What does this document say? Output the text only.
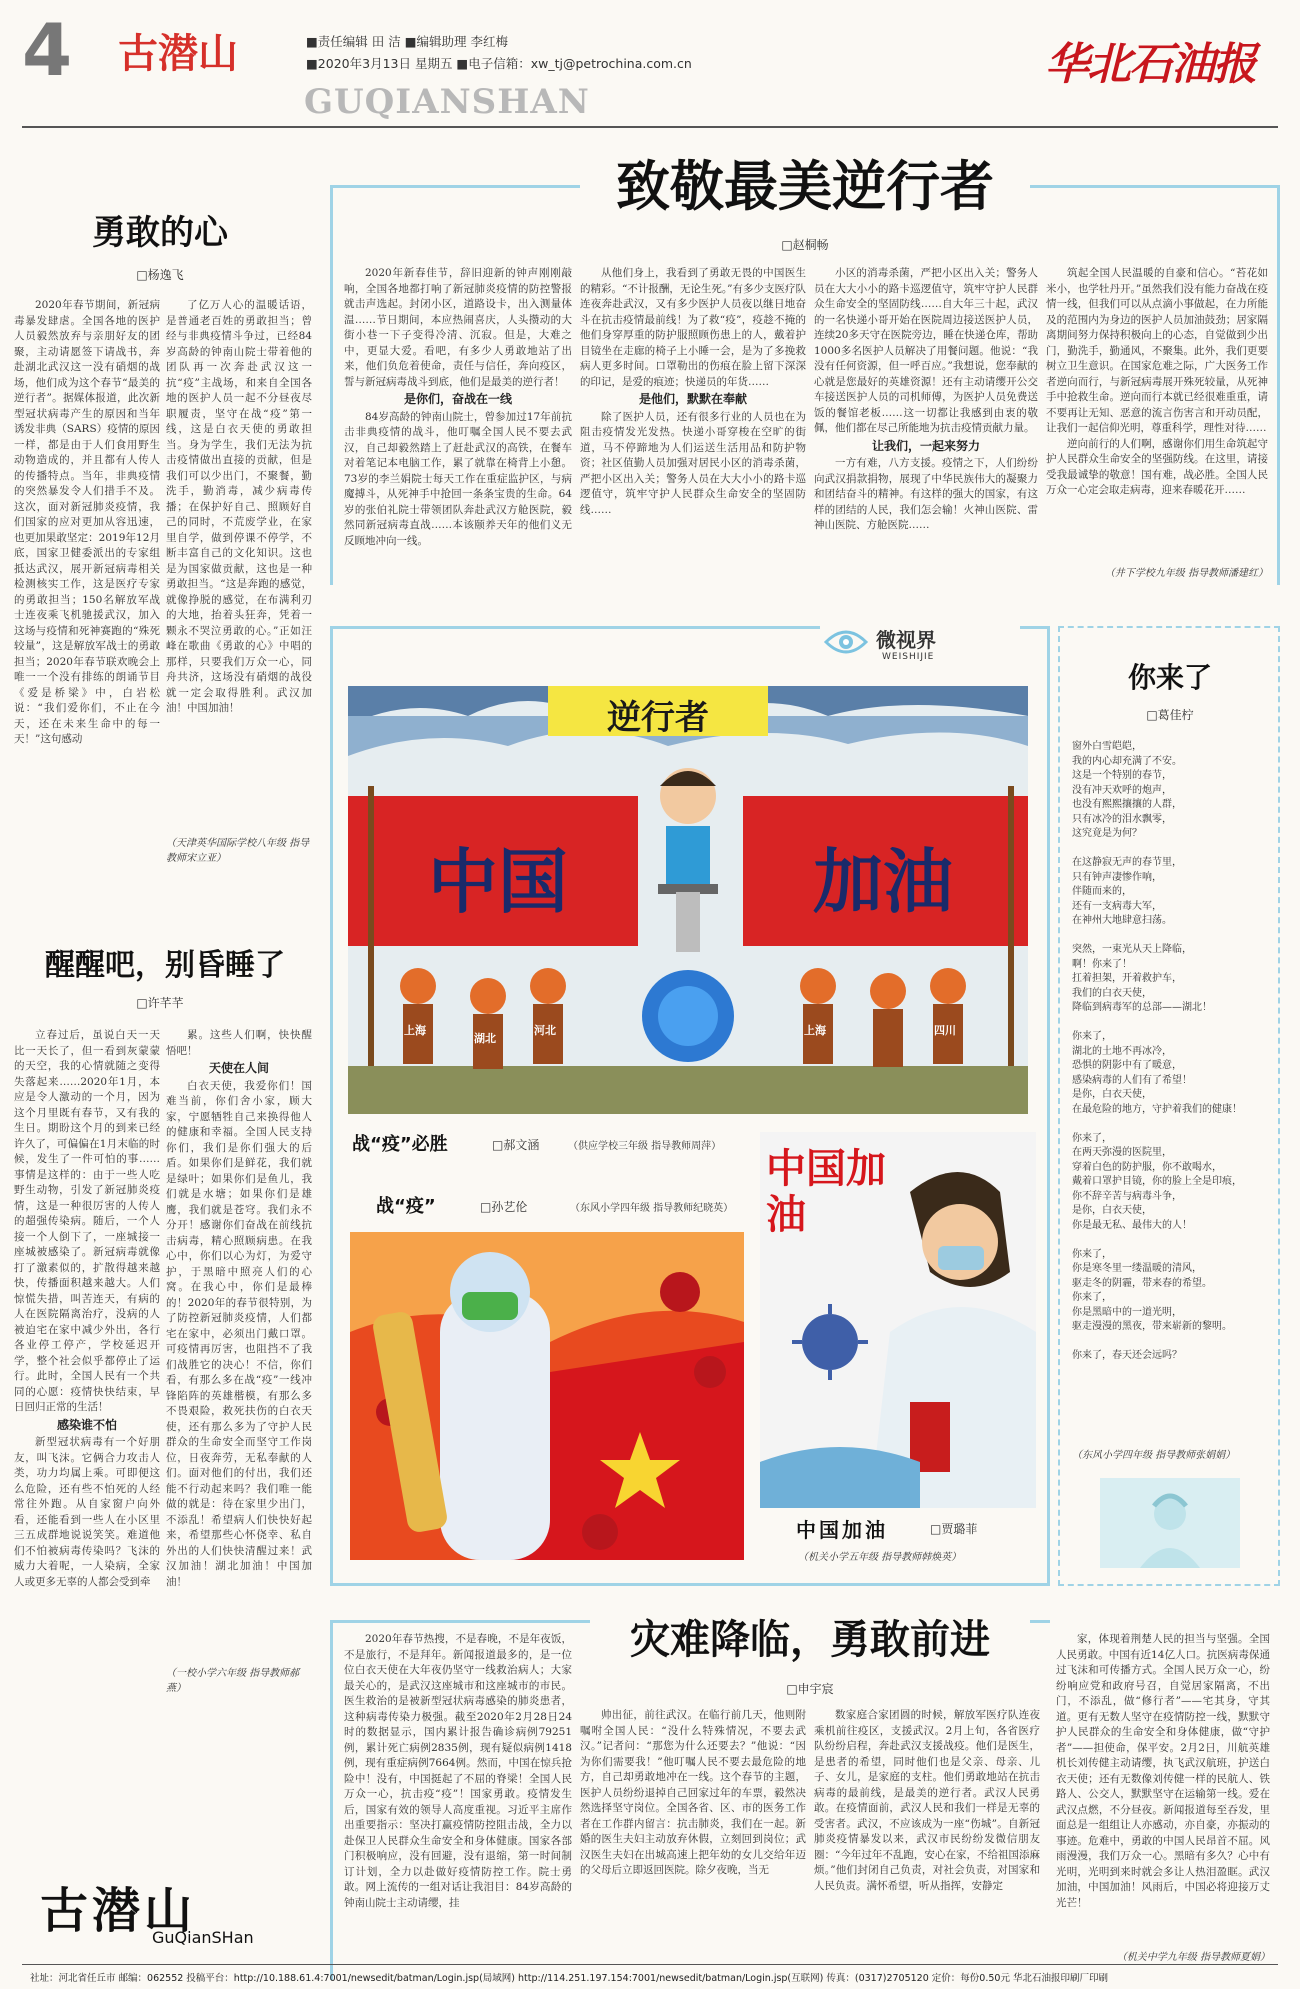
4 古潜山	■责任编辑 田 洁 ■编辑助理 李红梅
■2020年3月13日 星期五 ■电子信箱：xw_tj@petrochina.com.cn
GUQIANSHAN
华北石油报
勇敢的心
□杨逸飞

2020年春节期间，新冠病毒暴发肆虐。全国各地的医护人员毅然放弃与亲朋好友的团聚，主动请愿签下请战书，奔赴湖北武汉这一没有硝烟的战场，他们成为这个春节“最美的逆行者”。据媒体报道，此次新型冠状病毒产生的原因和当年诱发非典（SARS）疫情的原因一样，都是由于人们食用野生动物造成的，并且都有人传人的传播特点。当年，非典疫情的突然暴发令人们措手不及。这次，面对新冠肺炎疫情，我们国家的应对更加从容迅速，也更加果敢坚定：2019年12月底，国家卫健委派出的专家组抵达武汉，展开新冠病毒相关检测核实工作，这是医疗专家的勇敢担当；150名解放军战士连夜乘飞机驰援武汉，加入这场与疫情和死神赛跑的“殊死较量”，这是解放军战士的勇敢担当；2020年春节联欢晚会上唯一一个没有排练的朗诵节目《爱是桥梁》中，白岩松说：“我们爱你们，不止在今天，还在未来生命中的每一天！”这句感动

了亿万人心的温暖话语，是普通老百姓的勇敢担当；曾经与非典疫情斗争过，已经84岁高龄的钟南山院士带着他的团队再一次奔赴武汉这一抗“疫”主战场，和来自全国各地的医护人员一起不分昼夜尽职履责，坚守在战“疫”第一线，这是白衣天使的勇敢担当。身为学生，我们无法为抗击疫情做出直接的贡献，但是我们可以少出门，不聚餐，勤洗手，勤消毒，减少病毒传播；在保护好自己、照顾好自己的同时，不荒废学业，在家里自学，做到停课不停学，不断丰富自己的文化知识。这也是为国家做贡献，这也是一种勇敢担当。“这是奔跑的感觉，就像挣脱的感觉，在布满利刃的大地，抬着头狂奔，凭着一颗永不哭泣勇敢的心。”正如汪峰在歌曲《勇敢的心》中唱的那样，只要我们万众一心，同舟共济，这场没有硝烟的战役就一定会取得胜利。武汉加油！中国加油！

（天津英华国际学校八年级 指导教师宋立亚）
醒醒吧，别昏睡了
□许芊芊

立春过后，虽说白天一天比一天长了，但一看到灰蒙蒙的天空，我的心情就随之变得失落起来……2020年1月，本应是令人激动的一个月，因为这个月里既有春节，又有我的生日。期盼这个月的到来已经许久了，可偏偏在1月末临的时候，发生了一件可怕的事……事情是这样的：由于一些人吃野生动物，引发了新冠肺炎疫情，这是一种很厉害的人传人的超强传染病。随后，一个人接一个人倒下了，一座城接一座城被感染了。新冠病毒就像打了激素似的，扩散得越来越快，传播面积越来越大。人们惊慌失措，叫苦连天，有病的人在医院隔离治疗，没病的人被迫宅在家中减少外出，各行各业停工停产，学校延迟开学，整个社会似乎都停止了运行。此时，全国人民有一个共同的心愿：疫情快快结束，早日回归正常的生活！

感染谁不怕

新型冠状病毒有一个好朋友，叫飞沫。它俩合力攻击人类，功力均属上乘。可即便这么危险，还有些不怕死的人经常往外跑。从自家窗户向外看，还能看到一些人在小区里三五成群地说说笑笑。难道他们不怕被病毒传染吗？飞沫的威力大着呢，一人染病，全家人或更多无辜的人都会受到牵

累。这些人们啊，快快醒悟吧！

天使在人间

白衣天使，我爱你们！国难当前，你们舍小家，顾大家，宁愿牺牲自己来换得他人的健康和幸福。全国人民支持你们，我们是你们强大的后盾。如果你们是鲜花，我们就是绿叶；如果你们是鱼儿，我们就是水塘；如果你们是雄鹰，我们就是苍穹。我们永不分开！感谢你们奋战在前线抗击病毒，精心照顾病患。在我心中，你们以心为灯，为爱守护，于黑暗中照亮人们的心窝。在我心中，你们是最棒的！2020年的春节很特别，为了防控新冠肺炎疫情，人们都宅在家中，必须出门戴口罩。可疫情再厉害，也阻挡不了我们战胜它的决心！不信，你们看，有那么多在战“疫”一线冲锋陷阵的英雄楷模，有那么多不畏艰险，救死扶伤的白衣天使，还有那么多为了守护人民群众的生命安全而坚守工作岗位，日夜奔劳，无私奉献的人们。面对他们的付出，我们还能不行动起来吗？我们唯一能做的就是：待在家里少出门，不添乱！希望病人们快快好起来，希望那些心怀侥幸、私自外出的人们快快清醒过来！武汉加油！湖北加油！中国加油！

（一校小学六年级 指导教师郝燕）
古潜山
GuQianSHan
致敬最美逆行者
□赵桐畅

2020年新春佳节，辞旧迎新的钟声刚刚敲响，全国各地都打响了新冠肺炎疫情的防控警报就击声选起。封闭小区，道路设卡，出入测量体温……节日期间，本应热闹喜庆，人头攒动的大街小巷一下子变得冷清、沉寂。但是，大难之中，更显大爱。看吧，有多少人勇敢地站了出来，他们负危着使命，责任与信任，奔向疫区，誓与新冠病毒战斗到底，他们是最美的逆行者！

是你们，奋战在一线

84岁高龄的钟南山院士，曾参加过17年前抗击非典疫情的战斗，他叮嘱全国人民不要去武汉，自己却毅然踏上了赶赴武汉的高铁，在餐车对着笔记本电脑工作，累了就靠在椅背上小憩。73岁的李兰娟院士每天工作在重症监护区，与病魔搏斗，从死神手中抢回一条条宝贵的生命。64岁的张伯礼院士带领团队奔赴武汉方舱医院，毅然同新冠病毒直战……本该颐养天年的他们义无反顾地冲向一线。

从他们身上，我看到了勇敢无畏的中国医生的精彩。“不计报酬，无论生死。”有多少支医疗队连夜奔赴武汉，又有多少医护人员夜以继日地奋斗在抗击疫情最前线！为了救“疫”，疫趁不掩的他们身穿厚重的防护服照顾伤患上的人，戴着护目镜坐在走廊的椅子上小睡一会，是为了多挽救病人更多时间。口罩勒出的伤痕在脸上留下深深的印记，是爱的痕迹；快递员的年货……

是他们，默默在奉献

除了医护人员，还有很多行业的人员也在为阻击疫情发光发热。快递小哥穿梭在空旷的街道，马不停蹄地为人们运送生活用品和防护物资；社区值勤人员加强对居民小区的消毒杀菌，严把小区出入关；警务人员在大大小小的路卡巡逻值守，筑牢守护人民群众生命安全的坚固防线……

小区的消毒杀菌，严把小区出入关；警务人员在大大小小的路卡巡逻值守，筑牢守护人民群众生命安全的坚固防线……自大年三十起，武汉的一名快递小哥开始在医院周边接送医护人员，连续20多天守在医院旁边，睡在快递仓库，帮助1000多名医护人员解决了用餐问题。他说：“我没有任何资源，但一呼百应。”我想说，您奉献的心就是您最好的英雄资源！还有主动请缨开公交车接送医护人员的司机师傅，为医护人员免费送饭的餐馆老板……这一切都让我感到由衷的敬佩，他们都在尽己所能地为抗击疫情贡献力量。

让我们，一起来努力

一方有难，八方支援。疫情之下，人们纷纷向武汉捐款捐物，展现了中华民族伟大的凝聚力和团结奋斗的精神。有这样的强大的国家，有这样的团结的人民，我们怎会输！火神山医院、雷神山医院、方舱医院……

筑起全国人民温暖的自豪和信心。“苔花如米小，也学牡丹开。”虽然我们没有能力奋战在疫情一线，但我们可以从点滴小事做起，在力所能及的范围内为身边的医护人员加油鼓劲；居家隔离期间努力保持积极向上的心态，自觉做到少出门，勤洗手，勤通风，不聚集。此外，我们更要树立卫生意识。在国家危难之际，广大医务工作者逆向而行，与新冠病毒展开殊死较量，从死神手中抢救生命。逆向而行本就已经很难重重，请不要再让无知、恶意的流言伤害言和开动员配，让我们一起信仰光明，尊重科学，理性对待……

逆向前行的人们啊，感谢你们用生命筑起守护人民群众生命安全的坚强防线。在这里，请接受我最诚挚的敬意！国有难，战必胜。全国人民万众一心定会取走病毒，迎来春暖花开……

（井下学校九年级 指导教师潘建红）
微视界
WEISHIJIE
逆行者
中国	加油
上海
湖北
河北	上海	四川
战“疫”必胜	□郝文涵	（供应学校三年级 指导教师周萍）
战“疫”	□孙艺伦	（东风小学四年级 指导教师纪晓英）
中国加油
中国加油	□贾璐菲
（机关小学五年级 指导教师韩焕英）
你来了
□葛佳柠
窗外白雪皑皑，
我的内心却充满了不安。
这是一个特别的春节，
没有冲天欢呼的炮声，
也没有熙熙攘攘的人群，
只有冰冷的泪水飘零，
这究竟是为何？

在这静寂无声的春节里，
只有钟声凄惨作响，
伴随而来的，
还有一支病毒大军，
在神州大地肆意扫荡。

突然，一束光从天上降临，
啊！你来了！
扛着担架，开着救护车，
我们的白衣天使，
降临到病毒军的总部——湖北！

你来了，
湖北的土地不再冰冷，
恐惧的阴影中有了暖意，
感染病毒的人们有了希望！
是你，白衣天使，
在最危险的地方，守护着我们的健康！

你来了，
在两天弥漫的医院里，
穿着白色的防护服，你不敢喝水，
戴着口罩护目镜，你的脸上全是印痕，
你不辞辛苦与病毒斗争，
是你，白衣天使，
你是最无私、最伟大的人！

你来了，
你是寒冬里一缕温暖的清风，
驱走冬的阴霾，带来春的希望。
你来了，
你是黑暗中的一道光明，
驱走漫漫的黑夜，带来崭新的黎明。

你来了，春天还会远吗？
（东风小学四年级 指导教师张娟娟）
灾难降临，勇敢前进
□申宇宸

2020年春节热搜，不是春晚，不是年夜饭，不是旅行，不是拜年。新闻报道最多的，是一位位白衣天使在大年夜仍坚守一线救治病人；大家最关心的，是武汉这座城市和这座城市的市民。医生救治的是被新型冠状病毒感染的肺炎患者，这种病毒传染力极强。截至2020年2月28日24时的数据显示，国内累计报告确诊病例79251例，累计死亡病例2835例，现有疑似病例1418例，现有重症病例7664例。然而，中国在惊兵抢险中！没有，中国挺起了不屈的脊梁！全国人民万众一心，抗击疫“疫”！国家勇敢。疫情发生后，国家有效的领导人高度重视。习近平主席作出重要指示：坚决打赢疫情防控阻击战，全力以赴保卫人民群众生命安全和身体健康。国家各部门积极响应，没有回避，没有退缩，第一时间制订计划，全力以赴做好疫情防控工作。院士勇敢。网上流传的一组对话让我泪目：84岁高龄的钟南山院士主动请缨，挂

帅出征，前往武汉。在临行前几天，他则附嘱咐全国人民：“没什么特殊情况，不要去武汉。”记者问：“那您为什么还要去？”他说：“因为你们需要我！”他叮嘱人民不要去最危险的地方，自己却勇敢地冲在一线。这个春节的主题，医护人员纷纷退掉自己回家过年的车票，毅然决然选择坚守岗位。全国各省、区、市的医务工作者在工作群内留言：抗击肺炎，我们在一起。新婚的医生夫妇主动放弃休假，立刻回到岗位；武汉医生夫妇在出城高速上把年幼的女儿交给年迈的父母后立即返回医院。除夕夜晚，当无

数家庭合家团圆的时候，解放军医疗队连夜乘机前往疫区，支援武汉。2月上旬，各省医疗队纷纷启程，奔赴武汉支援战疫。他们是医生，是患者的希望，同时他们也是父亲、母亲、儿子、女儿，是家庭的支柱。他们勇敢地站在抗击病毒的最前线，是最美的逆行者。武汉人民勇敢。在疫情面前，武汉人民和我们一样是无辜的受害者。武汉，不应该成为一座“伤城”。自新冠肺炎疫情暴发以来，武汉市民纷纷发微信朋友圈：“今年过年不乱跑，安心在家，不给祖国添麻烦。”他们封闭自己负责，对社会负责，对国家和人民负责。满怀希望，听从指挥，安静定

家，体现着荆楚人民的担当与坚强。全国人民勇敢。中国有近14亿人口。抗医病毒保通过飞沫和可传播方式。全国人民万众一心，纷纷响应党和政府号召，自觉居家隔离，不出门，不添乱，做“修行者”——宅其身，守其道。更有无数人坚守在疫情防控一线，默默守护人民群众的生命安全和身体健康，做“守护者”——担使命，保平安。2月2日，川航英雄机长刘传健主动请缨，执飞武汉航班，护送白衣天使；还有无数像刘传健一样的民航人、铁路人、公交人，默默坚守在运输第一线。爱在武汉点燃，不分昼夜。新闻报道每至吞发，里面总是一组组让人亦感动，亦自豪，亦振动的事迹。危难中，勇敢的中国人民昂首不屈。风雨漫漫，我们万众一心。黑暗有多久？心中有光明，光明到来时就会多让人热泪盈眶。武汉加油，中国加油！风雨后，中国必将迎接万丈光芒！

（机关中学九年级 指导教师夏娟）
社址：河北省任丘市 邮编：062552 投稿平台：http://10.188.61.4:7001/newsedit/batman/Login.jsp(局域网) http://114.251.197.154:7001/newsedit/batman/Login.jsp(互联网) 传真：(0317)2705120 定价：每份0.50元 华北石油报印刷厂印刷
